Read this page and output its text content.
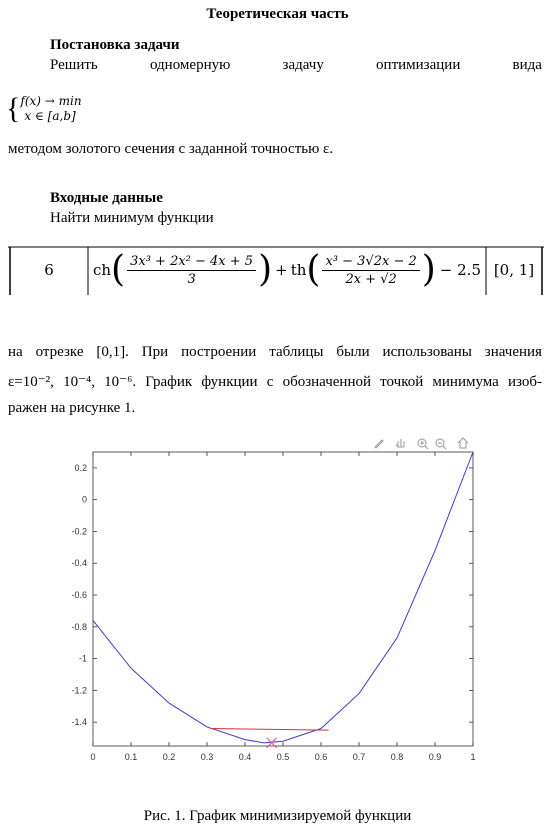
Теоретическая часть
Постановка задачи
Решить	одномерную	задачу	оптимизации	вида
{ f(x) → min
x ∈ [a,b]
методом золотого сечения с заданной точностью ε.
Входные данные
Найти минимум функции
6	ch ( $\frac{\text{3x³ + 2x² − 4x + 5}}{3}$ ) + th ( $\frac{\text{x³ − 3√2x − 2}}{2x + √2}$ ) − 2.5 [0, 1]
на отрезке [0,1]. При построении таблицы были использованы значения
ε=10⁻², 10⁻⁴, 10⁻⁶. График функции с обозначенной точкой минимума изоб-
ражен на рисунке 1.
0	0.1	0.2	0.3	0.4	0.5	0.6	0.7	0.8	0.9	1
0.2
0
-0.2
-0.4
-0.6
-0.8
-1
-1.2
-1.4
Рис. 1. График минимизируемой функции
